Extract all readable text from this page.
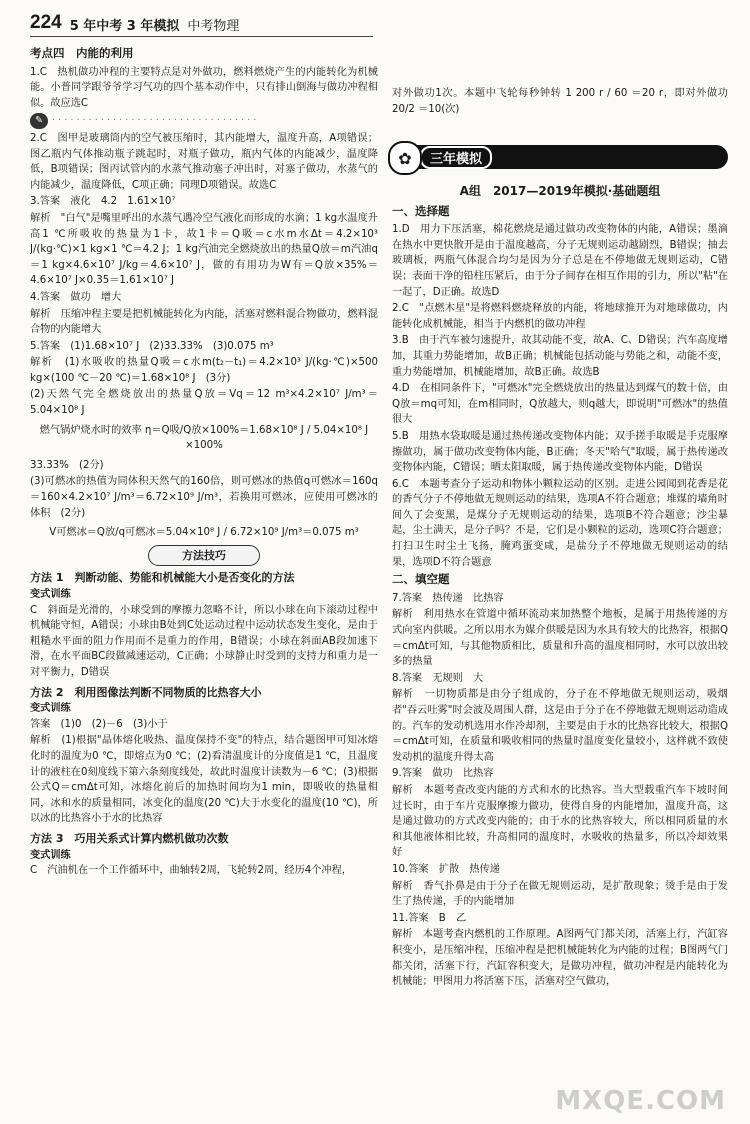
224 5 年中考 3 年模拟 中考物理
考点四　内能的利用

1.C　热机做功冲程的主要特点是对外做功，燃料燃烧产生的内能转化为机械能。小普同学跟爷爷学习气功的四个基本动作中，只有排山倒海与做功冲程相似。故应选C

✎ · · · · · · · · · · · · · · · · · · · · · · · · · · · · · · · · · ·

2.C　图甲是玻璃筒内的空气被压缩时，其内能增大，温度升高，A项错误；图乙瓶内气体推动瓶子跳起时，对瓶子做功，瓶内气体的内能减少，温度降低，B项错误；图丙试管内的水蒸气推动塞子冲出时，对塞子做功，水蒸气的内能减少，温度降低，C项正确；同理D项错误。故选C

3.答案　液化　4.2　1.61×10⁷

解析　"白气"是嘴里呼出的水蒸气遇冷空气液化而形成的水滴；1 kg水温度升高1 ℃所吸收的热量为1卡，故1卡＝Q吸＝c水m水Δt＝4.2×10³ J/(kg·℃)×1 kg×1 ℃＝4.2 J；1 kg汽油完全燃烧放出的热量Q放＝m汽油q＝1 kg×4.6×10⁷ J/kg＝4.6×10⁷ J，做的有用功为W有＝Q放×35%＝4.6×10⁷ J×0.35＝1.61×10⁷ J

4.答案　做功　增大

解析　压缩冲程主要是把机械能转化为内能，活塞对燃料混合物做功，燃料混合物的内能增大

5.答案　(1)1.68×10⁷ J　(2)33.33%　(3)0.075 m³

解析　(1)水吸收的热量Q吸＝c水m(t₂－t₁)＝4.2×10³ J/(kg·℃)×500 kg×(100 ℃－20 ℃)＝1.68×10⁸ J　(3分)

(2)天然气完全燃烧放出的热量Q放＝Vq＝12 m³×4.2×10⁷ J/m³＝5.04×10⁸ J

燃气锅炉烧水时的效率 η＝Q吸/Q放×100%＝1.68×10⁸ J / 5.04×10⁸ J ×100%

33.33%　(2分)

(3)可燃冰的热值为同体积天然气的160倍，则可燃冰的热值q可燃冰＝160q＝160×4.2×10⁷ J/m³＝6.72×10⁹ J/m³，若换用可燃冰，应使用可燃冰的体积　(2分)

V可燃冰＝Q放/q可燃冰＝5.04×10⁸ J / 6.72×10⁹ J/m³＝0.075 m³
方法技巧
方法 1　判断动能、势能和机械能大小是否变化的方法
变式训练

C　斜面是光滑的，小球受到的摩擦力忽略不计，所以小球在向下滚动过程中机械能守恒，A错误；小球由B处到C处运动过程中运动状态发生变化，是由于粗糙水平面的阻力作用而不是重力的作用，B错误；小球在斜面AB段加速下滑，在水平面BC段做减速运动，C正确；小球静止时受到的支持力和重力是一对平衡力，D错误

方法 2　利用图像法判断不同物质的比热容大小
变式训练

答案　(1)0　(2)－6　(3)小于

解析　(1)根据"晶体熔化吸热、温度保持不变"的特点，结合题图甲可知冰熔化时的温度为0 ℃，即熔点为0 ℃；(2)看清温度计的分度值是1 ℃，且温度计的液柱在0刻度线下第六条刻度线处，故此时温度计读数为－6 ℃；(3)根据公式Q＝cmΔt可知，冰熔化前后的加热时间均为1 min，即吸收的热量相同，冰和水的质量相同，冰变化的温度(20 ℃)大于水变化的温度(10 ℃)，所以冰的比热容小于水的比热容

方法 3　巧用关系式计算内燃机做功次数
变式训练

C　汽油机在一个工作循环中，曲轴转2周，飞轮转2周，经历4个冲程，

对外做功1次。本题中飞轮每秒钟转 1 200 r / 60 ＝20 r，即对外做功 20/2 ＝10(次)

✿	三年模拟
A组　2017—2019年模拟·基础题组
一、选择题

1.D　用力下压活塞，棉花燃烧是通过做功改变物体的内能，A错误；墨滴在热水中更快散开是由于温度越高，分子无规则运动越剧烈，B错误；抽去玻璃板，两瓶气体混合均匀是因为分子总是在不停地做无规则运动，C错误；表面干净的铅柱压紧后，由于分子间存在相互作用的引力，所以"粘"在一起了，D正确。故选D

2.C　"点燃木星"是将燃料燃烧释放的内能，将地球推开为对地球做功，内能转化成机械能，相当于内燃机的做功冲程

3.B　由于汽车被匀速提升，故其动能不变，故A、C、D错误；汽车高度增加，其重力势能增加，故B正确；机械能包括动能与势能之和，动能不变，重力势能增加，机械能增加，故B正确。故选B

4.D　在相同条件下，"可燃冰"完全燃烧放出的热量达到煤气的数十倍，由Q放＝mq可知，在m相同时，Q放越大，则q越大，即说明"可燃冰"的热值很大

5.B　用热水袋取暖是通过热传递改变物体内能；双手搓手取暖是手克服摩擦做功，属于做功改变物体内能，B正确；冬天"哈气"取暖，属于热传递改变物体内能，C错误；晒太阳取暖，属于热传递改变物体内能，D错误

6.C　本题考查分子运动和物体小颗粒运动的区别。走进公园闻到花香是花的香气分子不停地做无规则运动的结果，选项A不符合题意；堆煤的墙角时间久了会变黑，是煤分子无规则运动的结果，选项B不符合题意；沙尘暴起，尘土满天，是分子吗？不是，它们是小颗粒的运动，选项C符合题意；打扫卫生时尘土飞扬，腌鸡蛋变咸，是盐分子不停地做无规则运动的结果，选项D不符合题意

二、填空题

7.答案　热传递　比热容

解析　利用热水在管道中循环流动来加热整个地板，是属于用热传递的方式向室内供暖。之所以用水为媒介供暖是因为水具有较大的比热容，根据Q＝cmΔt可知，与其他物质相比，质量和升高的温度相同时，水可以放出较多的热量

8.答案　无规则　大

解析　一切物质都是由分子组成的，分子在不停地做无规则运动，吸烟者"吞云吐雾"时会波及周围人群，这是由于分子在不停地做无规则运动造成的。汽车的发动机选用水作冷却剂，主要是由于水的比热容比较大，根据Q＝cmΔt可知，在质量和吸收相同的热量时温度变化量较小，这样就不致使发动机的温度升得太高

9.答案　做功　比热容

解析　本题考查改变内能的方式和水的比热容。当大型载重汽车下坡时间过长时，由于车片克服摩擦力做功，使得自身的内能增加，温度升高，这是通过做功的方式改变内能的；由于水的比热容较大，所以相同质量的水和其他液体相比较，升高相同的温度时，水吸收的热量多，所以冷却效果好

10.答案　扩散　热传递

解析　香气扑鼻是由于分子在做无规则运动，是扩散现象；烫手是由于发生了热传递，手的内能增加

11.答案　B　乙

解析　本题考查内燃机的工作原理。A图两气门都关闭，活塞上行，汽缸容积变小，是压缩冲程，压缩冲程是把机械能转化为内能的过程；B图两气门都关闭，活塞下行，汽缸容积变大，是做功冲程，做功冲程是内能转化为机械能；甲图用力将活塞下压，活塞对空气做功，

MXQE.COM
